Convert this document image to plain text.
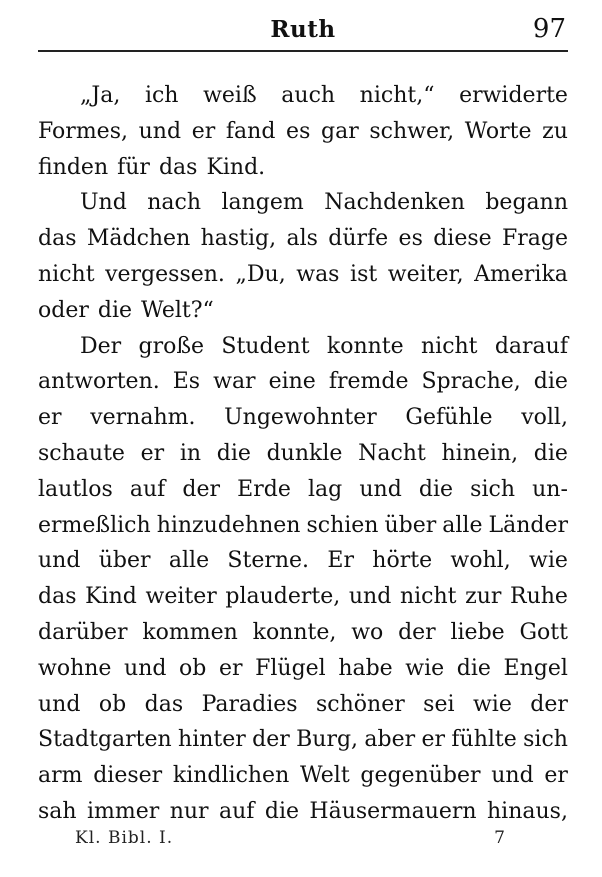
Ruth	97
„Ja, ich weiß auch nicht,“ erwiderte
Formes, und er fand es gar schwer, Worte zu
finden für das Kind.
Und nach langem Nachdenken begann
das Mädchen hastig, als dürfe es diese Frage
nicht vergessen. „Du, was ist weiter, Amerika
oder die Welt?“
Der große Student konnte nicht darauf
antworten. Es war eine fremde Sprache, die
er vernahm. Ungewohnter Gefühle voll,
schaute er in die dunkle Nacht hinein, die
lautlos auf der Erde lag und die sich un-
ermeßlich hinzudehnen schien über alle Länder
und über alle Sterne. Er hörte wohl, wie
das Kind weiter plauderte, und nicht zur Ruhe
darüber kommen konnte, wo der liebe Gott
wohne und ob er Flügel habe wie die Engel
und ob das Paradies schöner sei wie der
Stadtgarten hinter der Burg, aber er fühlte sich
arm dieser kindlichen Welt gegenüber und er
sah immer nur auf die Häusermauern hinaus,
Kl. Bibl. I.	7
